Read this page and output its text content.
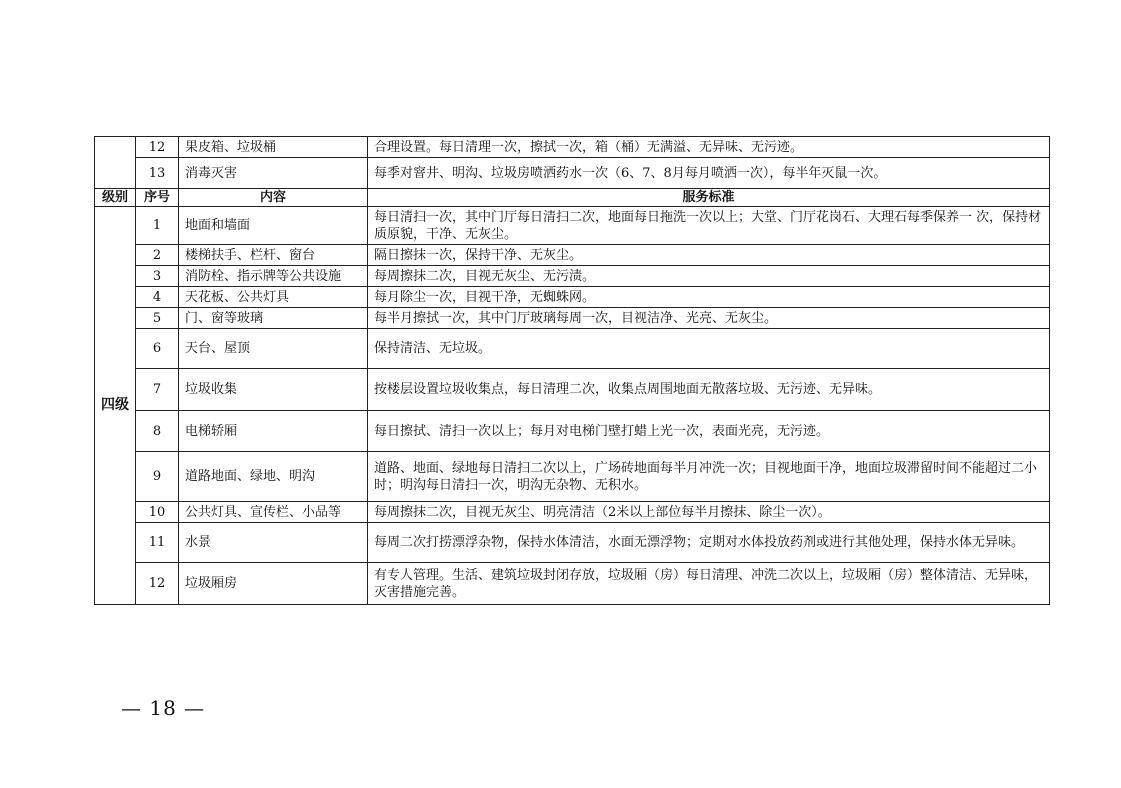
	12	果皮箱、垃圾桶	合理设置。每日清理一次，擦拭一次，箱（桶）无满溢、无异味、无污迹。
	13	消毒灭害	每季对窨井、明沟、垃圾房喷洒药水一次（6、7、8月每月喷洒一次），每半年灭鼠一次。
级别	序号	内容	服务标准
四级	1	地面和墙面	每日清扫一次，其中门厅每日清扫二次，地面每日拖洗一次以上；大堂、门厅花岗石、大理石每季保养一 次，保持材质原貌，干净、无灰尘。
	2	楼梯扶手、栏杆、窗台	隔日擦抹一次，保持干净、无灰尘。
	3	消防栓、指示牌等公共设施	每周擦抹二次，目视无灰尘、无污渍。
	4	天花板、公共灯具	每月除尘一次，目视干净，无蜘蛛网。
	5	门、窗等玻璃	每半月擦拭一次，其中门厅玻璃每周一次，目视洁净、光亮、无灰尘。
	6	天台、屋顶	保持清洁、无垃圾。
	7	垃圾收集	按楼层设置垃圾收集点，每日清理二次，收集点周围地面无散落垃圾、无污迹、无异味。
	8	电梯轿厢	每日擦拭、清扫一次以上；每月对电梯门壁打蜡上光一次，表面光亮，无污迹。
	9	道路地面、绿地、明沟	道路、地面、绿地每日清扫二次以上，广场砖地面每半月冲洗一次；目视地面干净，地面垃圾滞留时间不能超过二小时；明沟每日清扫一次，明沟无杂物、无积水。
	10	公共灯具、宣传栏、小品等	每周擦抹二次，目视无灰尘、明亮清洁（2米以上部位每半月擦抹、除尘一次）。
	11	水景	每周二次打捞漂浮杂物，保持水体清洁，水面无漂浮物；定期对水体投放药剂或进行其他处理，保持水体无异味。
	12	垃圾厢房	有专人管理。生活、建筑垃圾封闭存放，垃圾厢（房）每日清理、冲洗二次以上，垃圾厢（房）整体清洁、无异味，灭害措施完善。
— 18 —
